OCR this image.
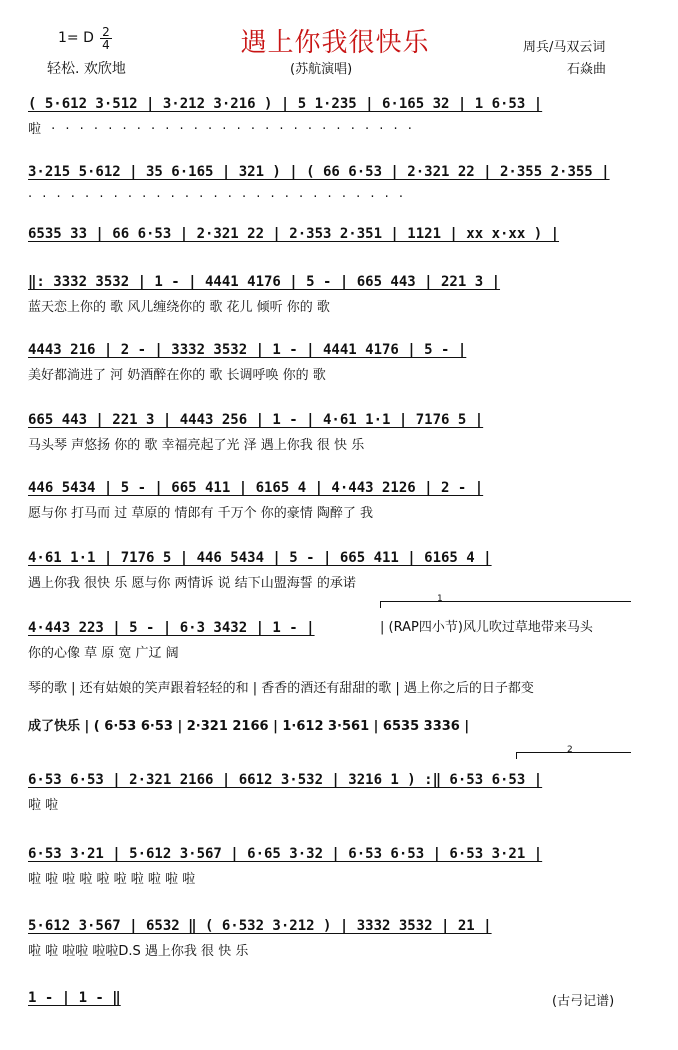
1= D $\frac{2}{4}$
轻松. 欢欣地
遇上你我很快乐
(苏航演唱)
周兵/马双云词
石焱曲
( 5·612 3·512 | 3·212 3·216 ) | 5 1·235 | 6·165 32 | 1 6·53 |
啦 · · · · · · · · · · · · · · · · · · · · · · · · · ·
3·215 5·612 | 35 6·165 | 321 ) | ( 66 6·53 | 2·321 22 | 2·355 2·355 |
· · · · · · · · · · · · · · · · · · · · · · · · · · ·
6535 33 | 66 6·53 | 2·321 22 | 2·353 2·351 | 1121 | xx x·xx ) |
‖: 3332 3532 | 1 - | 4441 4176 | 5 - | 665 443 | 221 3 |
蓝天恋上你的 歌 风儿缠绕你的 歌 花儿 倾听 你的 歌
4443 216 | 2 - | 3332 3532 | 1 - | 4441 4176 | 5 - |
美好都淌进了 河 奶酒醉在你的 歌 长调呼唤 你的 歌
665 443 | 221 3 | 4443 256 | 1 - | 4·61 1·1 | 7176 5 |
马头琴 声悠扬 你的 歌 幸福亮起了光 泽 遇上你我 很 快 乐
446 5434 | 5 - | 665 411 | 6165 4 | 4·443 2126 | 2 - |
愿与你 打马而 过 草原的 情郎有 千万个 你的豪情 陶醉了 我
4·61 1·1 | 7176 5 | 446 5434 | 5 - | 665 411 | 6165 4 |
遇上你我 很快 乐 愿与你 两情诉 说 结下山盟海誓 的承诺
1
4·443 223 | 5 - | 6·3 3432 | 1 - |	| (RAP四小节)风儿吹过草地带来马头
你的心像 草 原 宽 广辽 阔
琴的歌 | 还有姑娘的笑声跟着轻轻的和 | 香香的酒还有甜甜的歌 | 遇上你之后的日子都变
成了快乐 | ( 6·53 6·53 | 2·321 2166 | 1·612 3·561 | 6535 3336 |
2
6·53 6·53 | 2·321 2166 | 6612 3·532 | 3216 1 ) :‖ 6·53 6·53 |
啦 啦
6·53 3·21 | 5·612 3·567 | 6·65 3·32 | 6·53 6·53 | 6·53 3·21 |
啦 啦 啦 啦 啦 啦 啦 啦 啦 啦
5·612 3·567 | 6532 ‖ ( 6·532 3·212 ) | 3332 3532 | 21 |
啦 啦 啦啦 啦啦D.S 遇上你我 很 快 乐
1 - | 1 - ‖	(古弓记谱)
